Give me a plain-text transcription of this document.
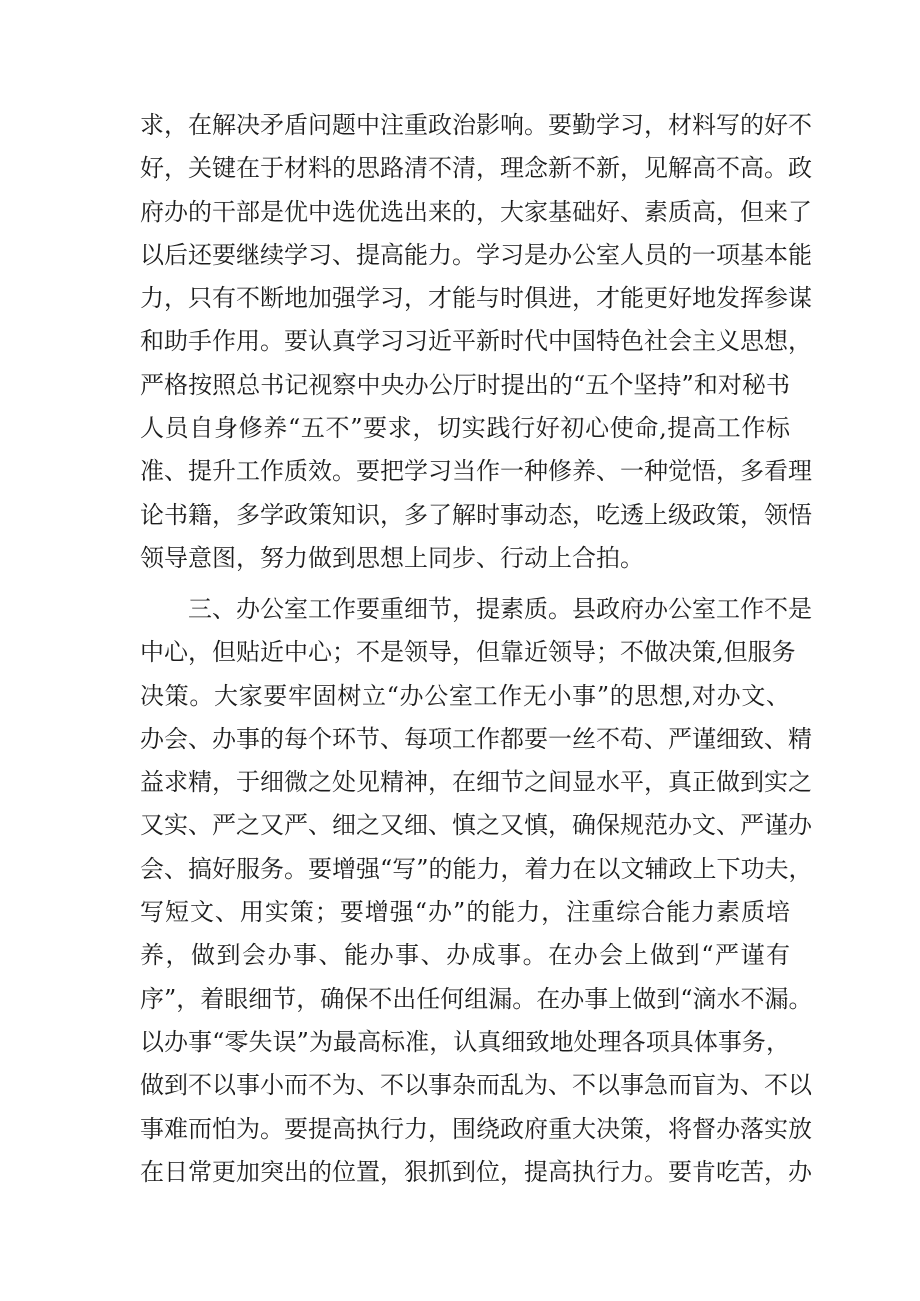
求，在解决矛盾问题中注重政治影响。要勤学习，材料写的好不
好，关键在于材料的思路清不清，理念新不新，见解高不高。政
府办的干部是优中选优选出来的，大家基础好、素质高，但来了
以后还要继续学习、提高能力。学习是办公室人员的一项基本能
力，只有不断地加强学习，才能与时俱进，才能更好地发挥参谋
和助手作用。要认真学习习近平新时代中国特色社会主义思想，
严格按照总书记视察中央办公厅时提出的“五个坚持”和对秘书
人员自身修养“五不”要求，切实践行好初心使命,提高工作标
准、提升工作质效。要把学习当作一种修养、一种觉悟，多看理
论书籍，多学政策知识，多了解时事动态，吃透上级政策，领悟
领导意图，努力做到思想上同步、行动上合拍。
三、办公室工作要重细节，提素质。县政府办公室工作不是
中心，但贴近中心；不是领导，但靠近领导；不做决策,但服务
决策。大家要牢固树立“办公室工作无小事”的思想,对办文、
办会、办事的每个环节、每项工作都要一丝不苟、严谨细致、精
益求精，于细微之处见精神，在细节之间显水平，真正做到实之
又实、严之又严、细之又细、慎之又慎，确保规范办文、严谨办
会、搞好服务。要增强“写”的能力，着力在以文辅政上下功夫，
写短文、用实策；要增强“办”的能力，注重综合能力素质培
养，做到会办事、能办事、办成事。在办会上做到“严谨有
序”，着眼细节，确保不出任何组漏。在办事上做到“滴水不漏。
以办事“零失误”为最高标准，认真细致地处理各项具体事务，
做到不以事小而不为、不以事杂而乱为、不以事急而盲为、不以
事难而怕为。要提高执行力，围绕政府重大决策，将督办落实放
在日常更加突出的位置，狠抓到位，提高执行力。要肯吃苦，办
